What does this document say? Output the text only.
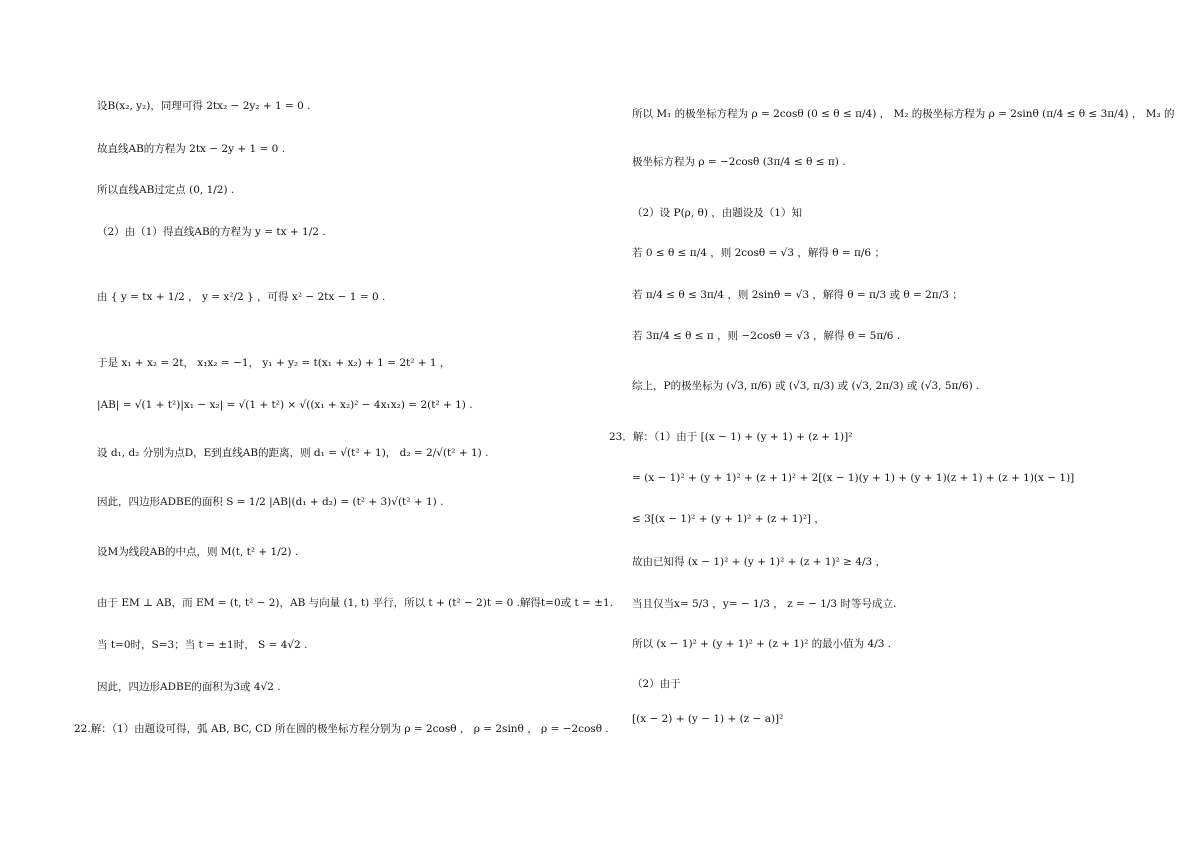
设B(x₂, y₂)，同理可得 2tx₂ − 2y₂ + 1 = 0 .
故直线AB的方程为 2tx − 2y + 1 = 0 .
所以直线AB过定点 (0, 1/2) .
（2）由（1）得直线AB的方程为 y = tx + 1/2 .
由 { y = tx + 1/2 ， y = x²/2 } ，可得 x² − 2tx − 1 = 0 .
于是 x₁ + x₂ = 2t， x₁x₂ = −1， y₁ + y₂ = t(x₁ + x₂) + 1 = 2t² + 1 ，
|AB| = √(1 + t²)|x₁ − x₂| = √(1 + t²) × √((x₁ + x₂)² − 4x₁x₂) = 2(t² + 1) .
设 d₁, d₂ 分别为点D，E到直线AB的距离，则 d₁ = √(t² + 1)， d₂ = 2/√(t² + 1) .
因此，四边形ADBE的面积 S = 1/2 |AB|(d₁ + d₂) = (t² + 3)√(t² + 1) .
设M为线段AB的中点，则 M(t, t² + 1/2) .
由于 EM ⊥ AB，而 EM = (t, t² − 2)，AB 与向量 (1, t) 平行，所以 t + (t² − 2)t = 0 .解得t=0或 t = ±1.
当 t=0时，S=3；当 t = ±1时， S = 4√2 .
因此，四边形ADBE的面积为3或 4√2 .
22.解：（1）由题设可得，弧 AB, BC, CD 所在圆的极坐标方程分别为 ρ = 2cosθ ， ρ = 2sinθ ， ρ = −2cosθ .
所以 M₁ 的极坐标方程为 ρ = 2cosθ (0 ≤ θ ≤ π/4) ， M₂ 的极坐标方程为 ρ = 2sinθ (π/4 ≤ θ ≤ 3π/4) ， M₃ 的
极坐标方程为 ρ = −2cosθ (3π/4 ≤ θ ≤ π) .
（2）设 P(ρ, θ) ，由题设及（1）知
若 0 ≤ θ ≤ π/4 ，则 2cosθ = √3 ，解得 θ = π/6 ；
若 π/4 ≤ θ ≤ 3π/4 ，则 2sinθ = √3 ，解得 θ = π/3 或 θ = 2π/3 ；
若 3π/4 ≤ θ ≤ π ，则 −2cosθ = √3 ，解得 θ = 5π/6 .
综上，P的极坐标为 (√3, π/6) 或 (√3, π/3) 或 (√3, 2π/3) 或 (√3, 5π/6) .
23．解：（1）由于 [(x − 1) + (y + 1) + (z + 1)]²
= (x − 1)² + (y + 1)² + (z + 1)² + 2[(x − 1)(y + 1) + (y + 1)(z + 1) + (z + 1)(x − 1)]
≤ 3[(x − 1)² + (y + 1)² + (z + 1)²] ，
故由已知得 (x − 1)² + (y + 1)² + (z + 1)² ≥ 4/3 ，
当且仅当x= 5/3 ，y= − 1/3 ， z = − 1/3 时等号成立.
所以 (x − 1)² + (y + 1)² + (z + 1)² 的最小值为 4/3 .
（2）由于
[(x − 2) + (y − 1) + (z − a)]²
